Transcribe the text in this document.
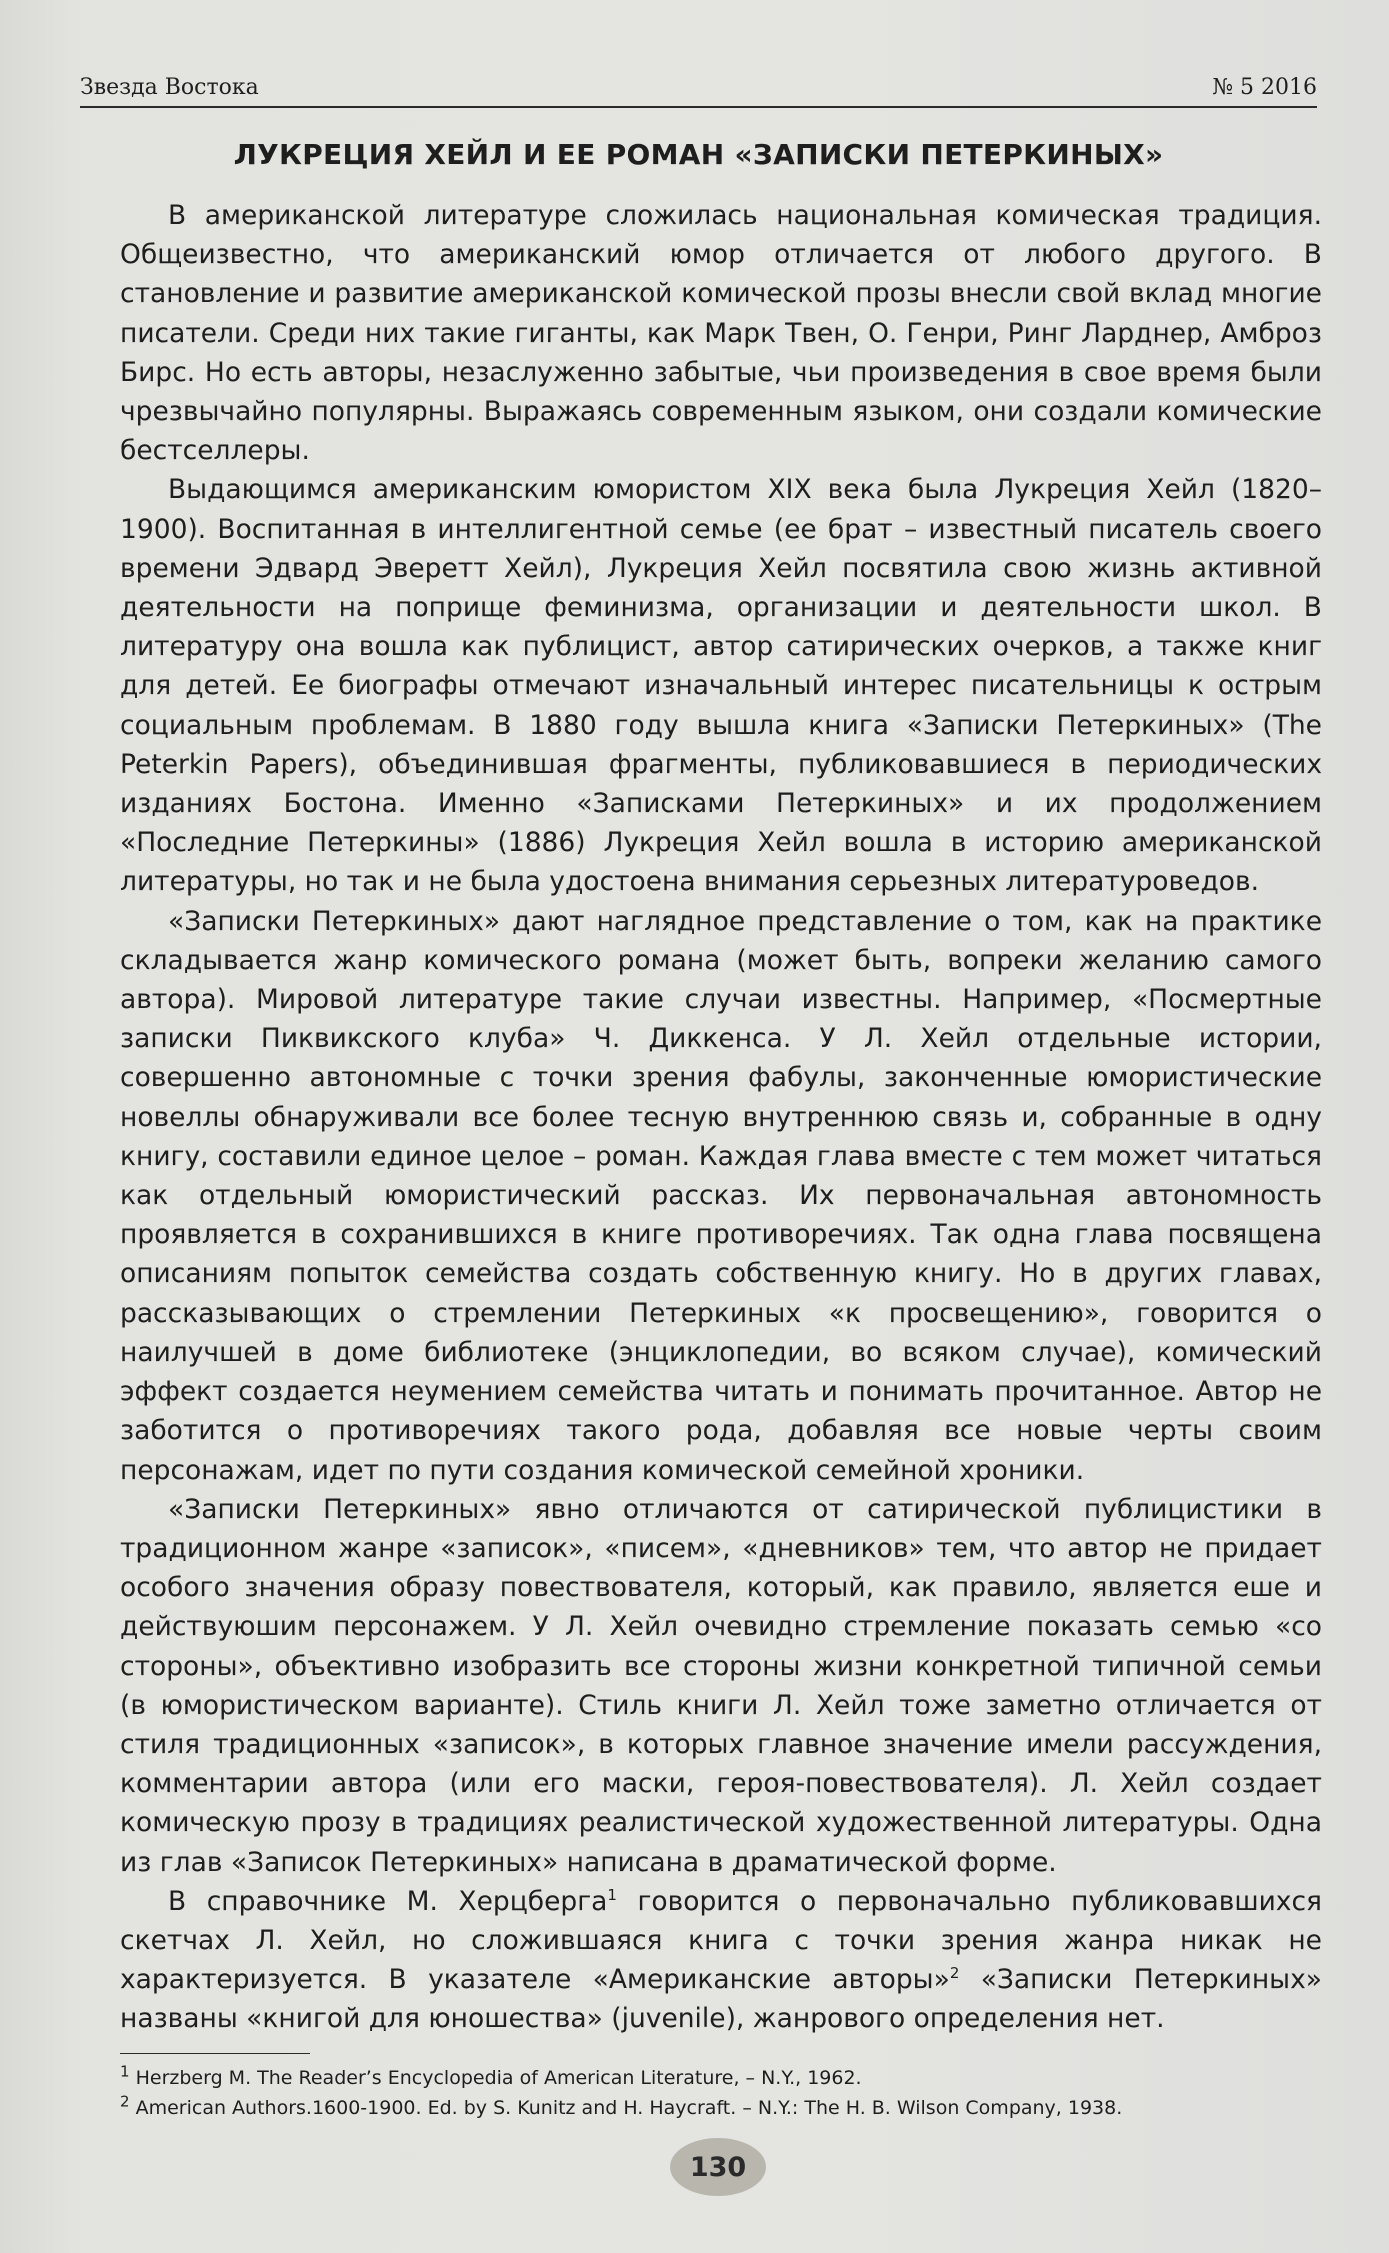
Звезда Востока	№ 5 2016
ЛУКРЕЦИЯ ХЕЙЛ И ЕЕ РОМАН «ЗАПИСКИ ПЕТЕРКИНЫХ»

В американской литературе сложилась национальная комическая традиция. Общеизвестно, что американский юмор отличается от любого другого. В становление и развитие американской комической прозы внесли свой вклад многие писатели. Среди них такие гиганты, как Марк Твен, О. Генри, Ринг Ларднер, Амброз Бирс. Но есть авторы, незаслуженно забытые, чьи произведения в свое время были чрезвычайно популярны. Выражаясь современным языком, они создали комические бестселлеры.

Выдающимся американским юмористом XIX века была Лукреция Хейл (1820–1900). Воспитанная в интеллигентной семье (ее брат – известный писатель своего времени Эдвард Эверетт Хейл), Лукреция Хейл посвятила свою жизнь активной деятельности на поприще феминизма, организации и деятельности школ. В литературу она вошла как публицист, автор сатирических очерков, а также книг для детей. Ее биографы отмечают изначальный интерес писательницы к острым социальным проблемам. В 1880 году вышла книга «Записки Петеркиных» (The Peterkin Papers), объединившая фрагменты, публиковавшиеся в периодических изданиях Бостона. Именно «Записками Петеркиных» и их продолжением «Последние Петеркины» (1886) Лукреция Хейл вошла в историю американской литературы, но так и не была удостоена внимания серьезных литературоведов.

«Записки Петеркиных» дают наглядное представление о том, как на практике складывается жанр комического романа (может быть, вопреки желанию самого автора). Мировой литературе такие случаи известны. Например, «Посмертные записки Пиквикского клуба» Ч. Диккенса. У Л. Хейл отдельные истории, совершенно автономные с точки зрения фабулы, законченные юмористические новеллы обнаруживали все более тесную внутреннюю связь и, собранные в одну книгу, составили единое целое – роман. Каждая глава вместе с тем может читаться как отдельный юмористический рассказ. Их первоначальная автономность проявляется в сохранившихся в книге противоречиях. Так одна глава посвящена описаниям попыток семейства создать собственную книгу. Но в других главах, рассказывающих о стремлении Петеркиных «к просвещению», говорится о наилучшей в доме библиотеке (энциклопедии, во всяком случае), комический эффект создается неумением семейства читать и понимать прочитанное. Автор не заботится о противоречиях такого рода, добавляя все новые черты своим персонажам, идет по пути создания комической семейной хроники.

«Записки Петеркиных» явно отличаются от сатирической публицистики в традиционном жанре «записок», «писем», «дневников» тем, что автор не придает особого значения образу повествователя, который, как правило, является еше и действуюшим персонажем. У Л. Хейл очевидно стремление показать семью «со стороны», объективно изобразить все стороны жизни конкретной типичной семьи (в юмористическом варианте). Стиль книги Л. Хейл тоже заметно отличается от стиля традиционных «записок», в которых главное значение имели рассуждения, комментарии автора (или его маски, героя-повествователя). Л. Хейл создает комическую прозу в традициях реалистической художественной литературы. Одна из глав «Записок Петеркиных» написана в драматической форме.

В справочнике М. Херцберга$^1$ говорится о первоначально публиковавшихся скетчах Л. Хейл, но сложившаяся книга с точки зрения жанра никак не характеризуется. В указателе «Американские авторы»$^2$ «Записки Петеркиных» названы «книгой для юношества» (juvenile), жанрового определения нет.

$^1$ Herzberg M. The Reader’s Encyclopedia of American Literature, – N.Y., 1962.
$^2$ American Authors.1600-1900. Ed. by S. Kunitz and H. Haycraft. – N.Y.: The H. B. Wilson Company, 1938.
130
